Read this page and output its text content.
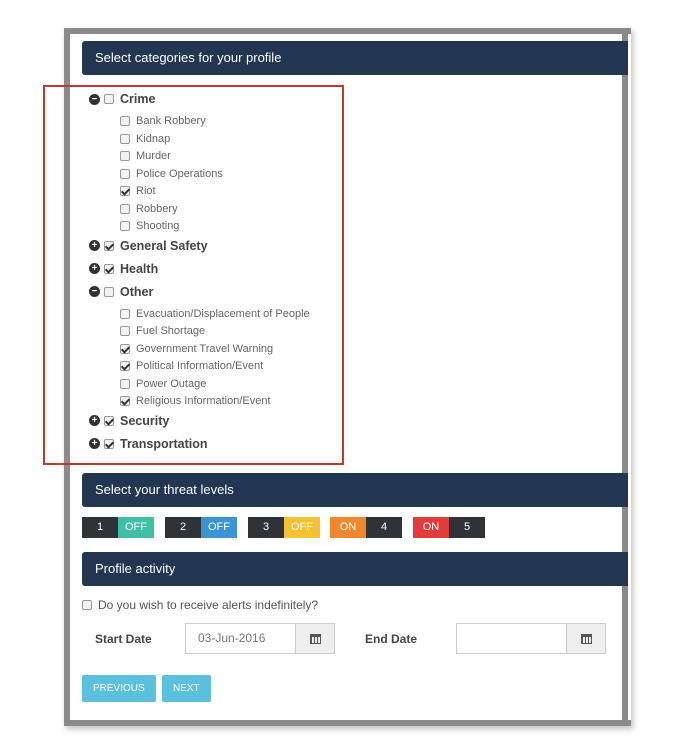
Select categories for your profile
− Crime
Bank Robbery
Kidnap
Murder
Police Operations
Riot
Robbery
Shooting
+ General Safety
+ Health
− Other
Evacuation/Displacement of People
Fuel Shortage
Government Travel Warning
Political Information/Event
Power Outage
Religious Information/Event
+ Security
+ Transportation
Select your threat levels
1	OFF	2	OFF	3	OFF	ON	4	ON	5
Profile activity
Do you wish to receive alerts indefinitely?
Start Date	03-Jun-2016	End Date
PREVIOUS	NEXT
